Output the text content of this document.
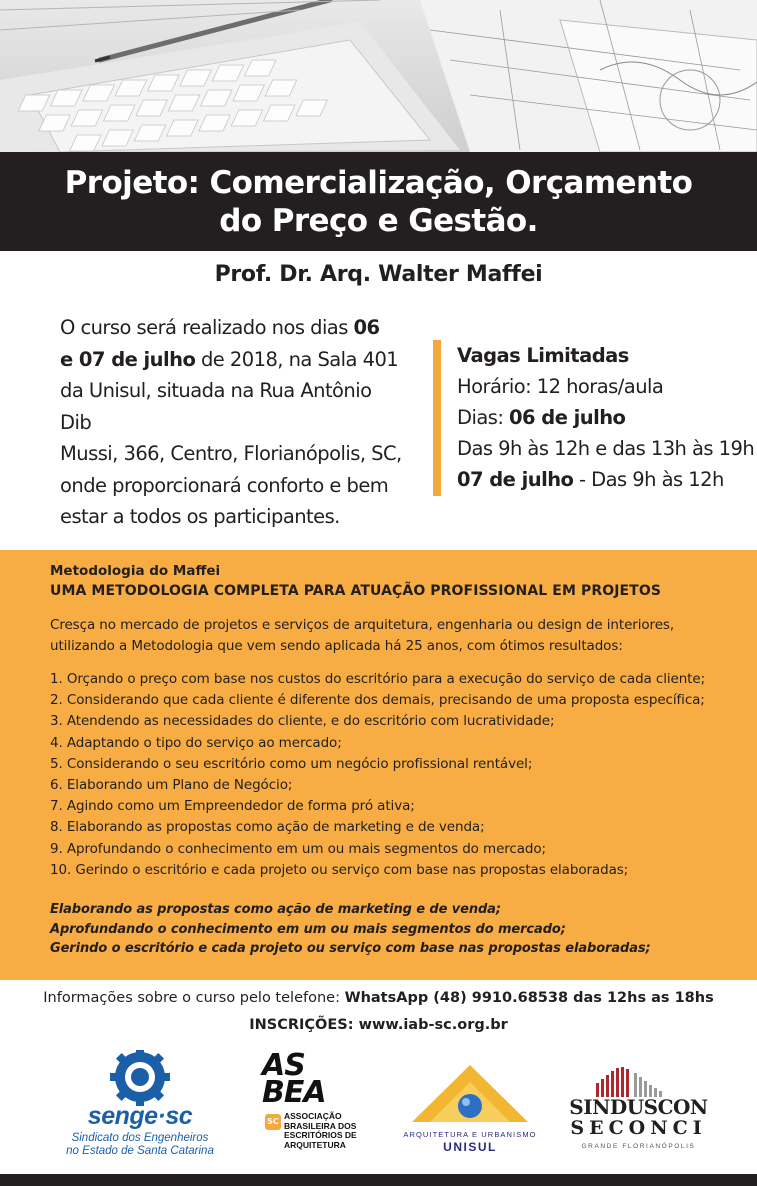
Projeto: Comercialização, Orçamento
do Preço e Gestão.
Prof. Dr. Arq. Walter Maffei
O curso será realizado nos dias 06
e 07 de julho de 2018, na Sala 401
da Unisul, situada na Rua Antônio Dib
Mussi, 366, Centro, Florianópolis, SC,
onde proporcionará conforto e bem
estar a todos os participantes.
Vagas Limitadas
Horário: 12 horas/aula
Dias: 06 de julho
Das 9h às 12h e das 13h às 19h
07 de julho - Das 9h às 12h
Metodologia do Maffei
UMA METODOLOGIA COMPLETA PARA ATUAÇÃO PROFISSIONAL EM PROJETOS
Cresça no mercado de projetos e serviços de arquitetura, engenharia ou design de interiores, utilizando a Metodologia que vem sendo aplicada há 25 anos, com ótimos resultados:
1. Orçando o preço com base nos custos do escritório para a execução do serviço de cada cliente;
2. Considerando que cada cliente é diferente dos demais, precisando de uma proposta específica;
3. Atendendo as necessidades do cliente, e do escritório com lucratividade;
4. Adaptando o tipo do serviço ao mercado;
5. Considerando o seu escritório como um negócio profissional rentável;
6. Elaborando um Plano de Negócio;
7. Agindo como um Empreendedor de forma pró ativa;
8. Elaborando as propostas como ação de marketing e de venda;
9. Aprofundando o conhecimento em um ou mais segmentos do mercado;
10. Gerindo o escritório e cada projeto ou serviço com base nas propostas elaboradas;
Elaborando as propostas como ação de marketing e de venda;
Aprofundando o conhecimento em um ou mais segmentos do mercado;
Gerindo o escritório e cada projeto ou serviço com base nas propostas elaboradas;
Informações sobre o curso pelo telefone: WhatsApp (48) 9910.68538 das 12hs as 18hs
INSCRIÇÕES: www.iab-sc.org.br
senge·sc
Sindicato dos Engenheiros
no Estado de Santa Catarina
AS
BEA
SC
ASSOCIAÇÃO
BRASILEIRA DOS
ESCRITÓRIOS DE
ARQUITETURA
ARQUITETURA E URBANISMO
UNISUL
SINDUSCON
SECONCI
GRANDE FLORIANÓPOLIS
